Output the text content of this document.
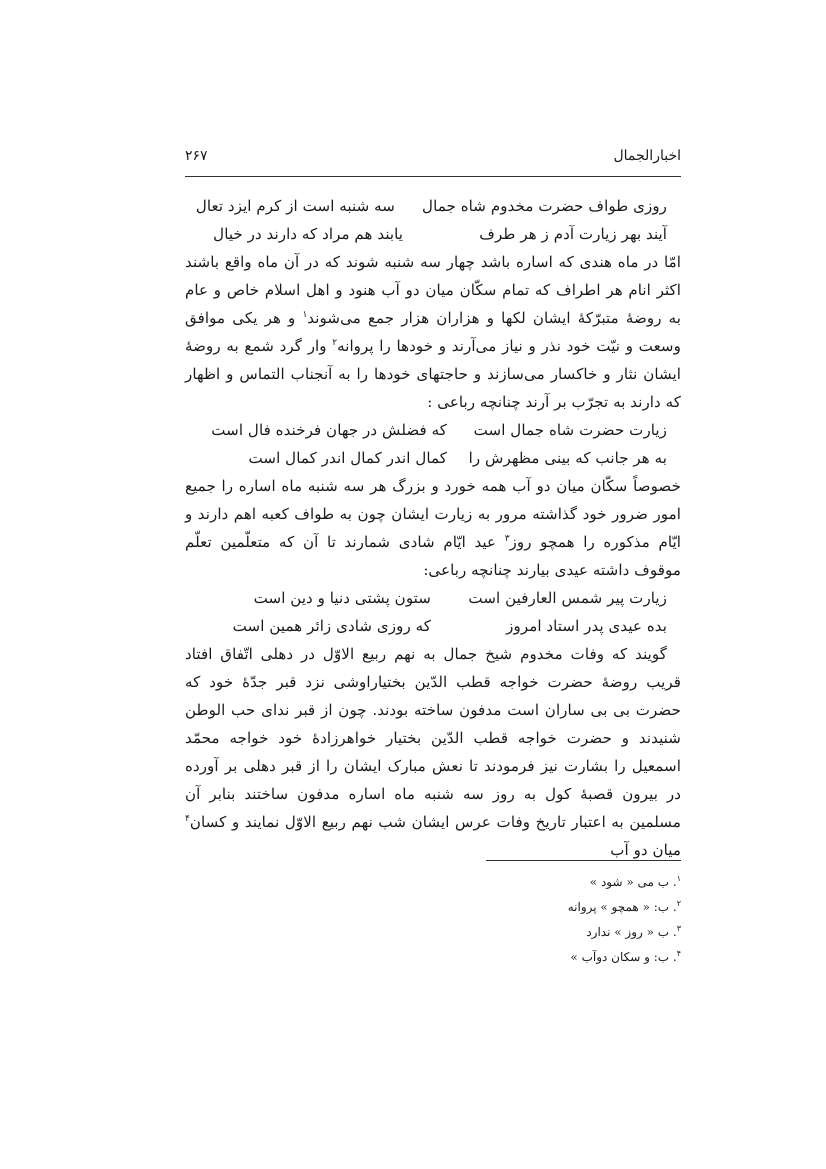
اخبارالجمال
۲۶۷
روزی طواف حضرت مخدوم شاه جمال
سه شنبه است از کرم ایزد تعال
آیند بهر زیارت آدم ز هر طرف
یابند هم مراد که دارند در خیال

امّا در ماه هندی که اساره باشد چهار سه شنبه شوند که در آن ماه واقع باشند اکثر انام هر اطراف که تمام سکّان میان دو آب هنود و اهل اسلام خاص و عام به روضهٔ متبرّکهٔ ایشان لکها و هزاران هزار جمع می‌شوند$^۱$ و هر یکی موافق وسعت و نیّت خود نذر و نیاز می‌آرند و خودها را پروانه$^۲$ وار گرد شمع به روضهٔ ایشان نثار و خاکسار می‌سازند و حاجتهای خودها را به آنجناب التماس و اظهار که دارند به تجرّب بر آرند چنانچه رباعی :

زیارت حضرت شاه جمال است
که فضلش در جهان فرخنده فال است
به هر جانب که بینی مظهرش را
کمال اندر کمال اندر کمال است

خصوصاً سکّان میان دو آب همه خورد و بزرگ هر سه شنبه ماه اساره را جمیع امور ضرور خود گذاشته مرور به زیارت ایشان چون به طواف کعبه اهم دارند و ایّام مذکوره را همچو روز$^۳$ عید ایّام شادی شمارند تا آن که متعلّمین تعلّم موقوف داشته عیدی بیارند چنانچه رباعی:

زیارت پیر شمس العارفین است
ستون پشتی دنیا و دین است
بده عیدی پدر استاد امروز
که روزی شادی زائر همین است

گویند که وفات مخدوم شیخ جمال به نهم ربیع الاوّل در دهلی اتّفاق افتاد قریب روضهٔ حضرت خواجه قطب الدّین بختیاراوشی نزد قبر جدّهٔ خود که حضرت بی بی ساران است مدفون ساخته بودند. چون از قبر ندای حب الوطن شنیدند و حضرت خواجه قطب الدّین بختیار خواهرزادهٔ خود خواجه محمّد اسمعیل را بشارت نیز فرمودند تا نعش مبارک ایشان را از قبر دهلی بر آورده در بیرون قصبهٔ کول به روز سه شنبه ماه اساره مدفون ساختند بنابر آن مسلمین به اعتبار تاریخ وفات عرس ایشان شب نهم ربیع الاوّل نمایند و کسان$^۴$ میان دو آب

$^۱$. ب می « شود »
$^۲$. ب: « همچو » پروانه
$^۳$. ب « روز » ندارد
$^۴$. ب: و سکان دوآب »
